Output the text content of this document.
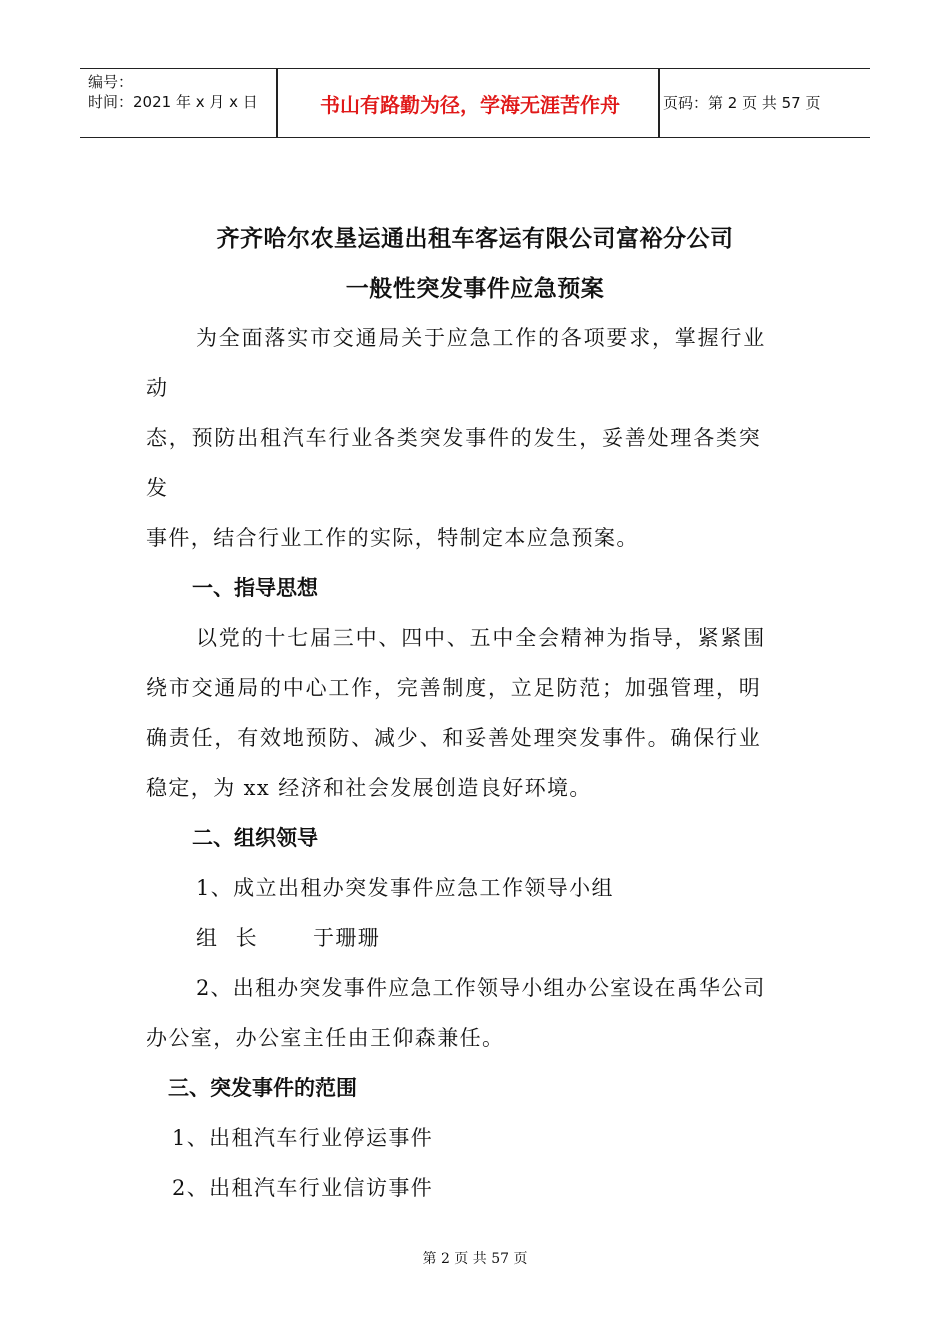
编号：
时间：2021 年 x 月 x 日	书山有路勤为径，学海无涯苦作舟	页码：第 2 页 共 57 页
齐齐哈尔农垦运通出租车客运有限公司富裕分公司
一般性突发事件应急预案
为全面落实市交通局关于应急工作的各项要求，掌握行业
动
态，预防出租汽车行业各类突发事件的发生，妥善处理各类突
发
事件，结合行业工作的实际，特制定本应急预案。
一、指导思想
以党的十七届三中、四中、五中全会精神为指导，紧紧围
绕市交通局的中心工作，完善制度，立足防范；加强管理，明
确责任，有效地预防、减少、和妥善处理突发事件。确保行业
稳定，为 xx 经济和社会发展创造良好环境。
二、组织领导
1、成立出租办突发事件应急工作领导小组
组 长 于珊珊
2、出租办突发事件应急工作领导小组办公室设在禹华公司
办公室，办公室主任由王仰森兼任。
三、突发事件的范围
1、出租汽车行业停运事件
2、出租汽车行业信访事件
第 2 页 共 57 页
